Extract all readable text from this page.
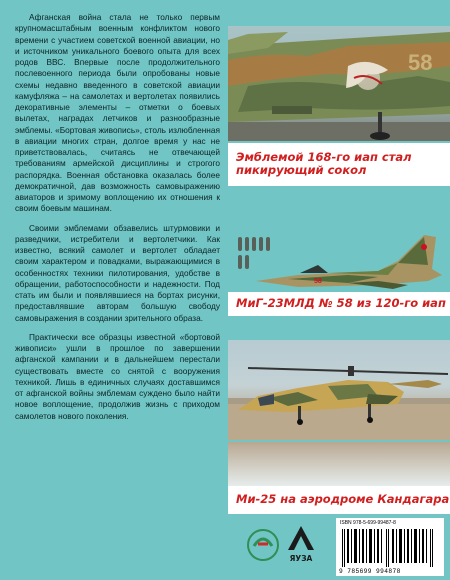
Афганская война стала не только первым крупномасштабным военным конфликтом нового времени с участием советской военной авиации, но и источником уникального боевого опыта для всех родов ВВС. Впервые после продолжительного послевоенного периода были опробованы новые схемы недавно введенного в советской авиации камуфляжа – на самолетах и вертолетах появились декоративные элементы – отметки о боевых вылетах, наградах летчиков и разнообразные эмблемы. «Бортовая живопись», столь излюбленная в авиации многих стран, долгое время у нас не приветствовалась, считаясь не отвечающей требованиям армейской дисциплины и строгого распорядка. Военная обстановка оказалась более демократичной, дав возможность самовыражению авиаторов и зримому воплощению их отношения к своим боевым машинам.

Своими эмблемами обзавелись штурмовики и разведчики, истребители и вертолетчики. Как известно, всякий самолет и вертолет обладает своим характером и повадками, выражающимися в особенностях техники пилотирования, удобстве в обращении, работоспособности и надежности. Под стать им были и появлявшиеся на бортах рисунки, предоставлявшие авторам большую свободу самовыражения в создании зрительного образа.

Практически все образцы известной «бортовой живописи» ушли в прошлое по завершении афганской кампании и в дальнейшем перестали существовать вместе со снятой с вооружения техникой. Лишь в единичных случаях доставшимся от афганской войны эмблемам суждено было найти новое воплощение, продолжив жизнь с приходом самолетов нового поколения.

58
Эмблемой 168-го иап стал пикирующий сокол
58
МиГ-23МЛД № 58 из 120-го иап
Ми-25 на аэродроме Кандагара
ЯУЗА
ISBN 978-5-699-99487-8
9 785699 994878
